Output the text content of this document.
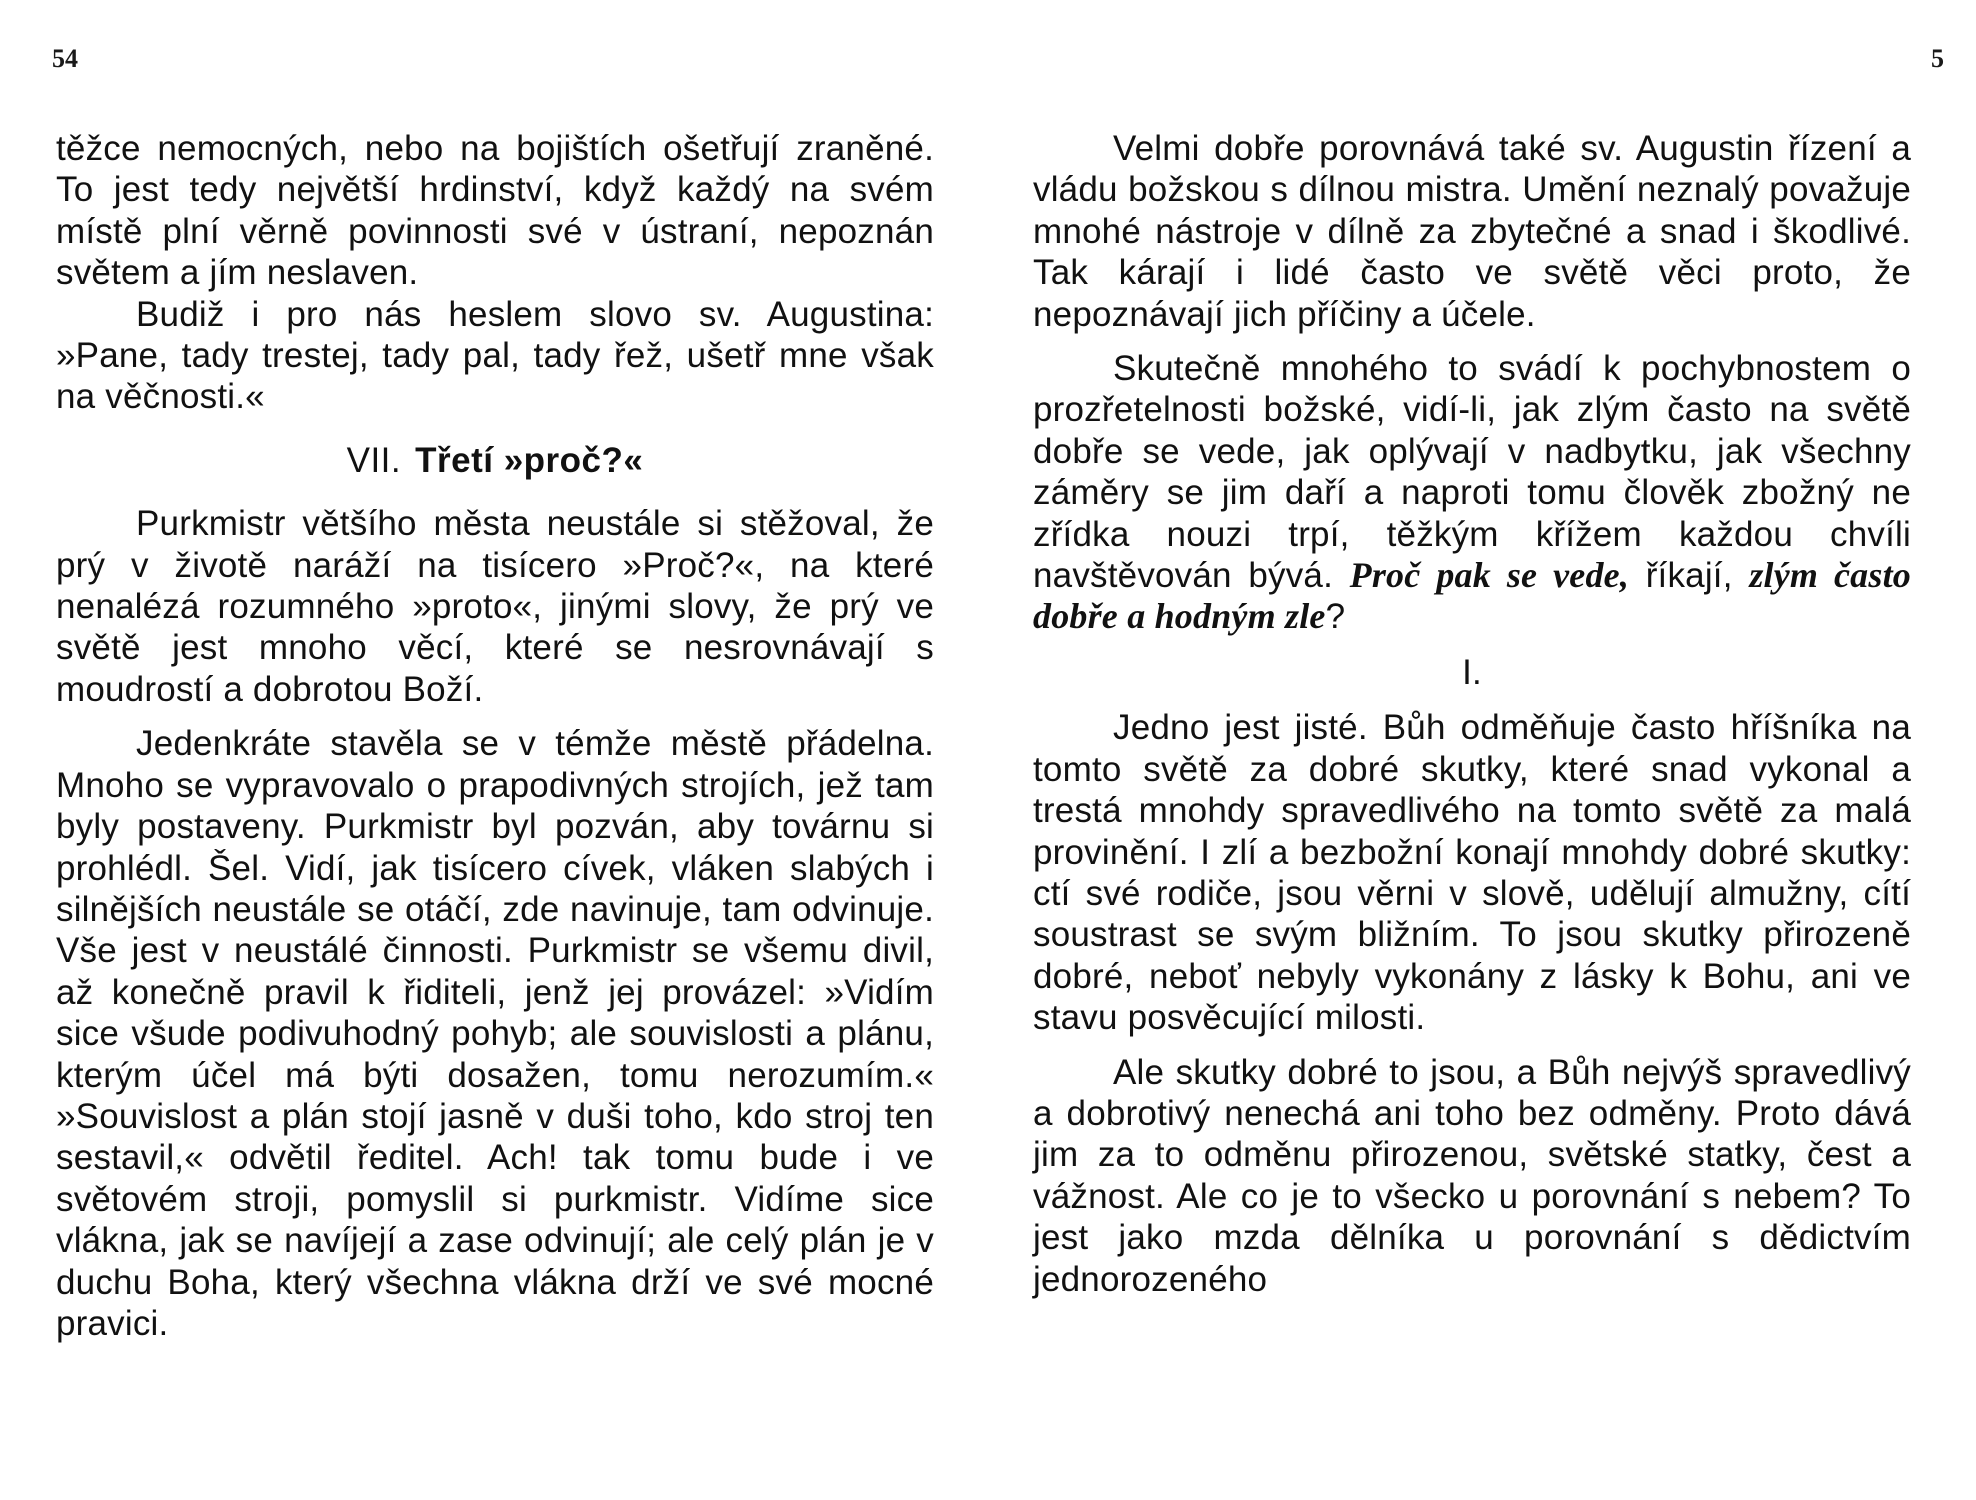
54

těžce nemocných, nebo na bojištích ošetřují zraněné. To jest tedy největší hrdinství, když každý na svém místě plní věrně povinnosti své v ústraní, nepoznán světem a jím neslaven.

Budiž i pro nás heslem slovo sv. Augustina: »Pane, tady trestej, tady pal, tady řež, ušetř mne však na věčnosti.«

VII. Třetí »proč?«

Purkmistr většího města neustále si stěžoval, že prý v životě naráží na tisícero »Proč?«, na které nenalézá rozumného »proto«, jinými slovy, že prý ve světě jest mnoho věcí, které se nesrovnávají s moudrostí a dobrotou Boží.

Jedenkráte stavěla se v témže městě přádelna. Mnoho se vypravovalo o prapodivných strojích, jež tam byly postaveny. Purkmistr byl pozván, aby továrnu si prohlédl. Šel. Vidí, jak tisícero cívek, vláken slabých i silnějších neustále se otáčí, zde navinuje, tam odvinuje. Vše jest v neustálé činnosti. Purkmistr se všemu divil, až konečně pravil k řiditeli, jenž jej provázel: »Vidím sice všude podivuhodný pohyb; ale souvislosti a plánu, kterým účel má býti dosažen, tomu nerozumím.« »Souvislost a plán stojí jasně v duši toho, kdo stroj ten sestavil,« odvětil ředitel. Ach! tak tomu bude i ve světovém stroji, pomyslil si purkmistr. Vidíme sice vlákna, jak se navíjejí a zase odvinují; ale celý plán je v duchu Boha, který všechna vlákna drží ve své mocné pravici.

5

Velmi dobře porovnává také sv. Augustin řízení a vládu božskou s dílnou mistra. Umění neznalý považuje mnohé nástroje v dílně za zbytečné a snad i škodlivé. Tak kárají i lidé často ve světě věci proto, že nepoznávají jich příčiny a účele.

Skutečně mnohého to svádí k pochybnostem o prozřetelnosti božské, vidí-li, jak zlým často na světě dobře se vede, jak oplývají v nadbytku, jak všechny záměry se jim daří a naproti tomu člověk zbožný ne zřídka nouzi trpí, těžkým křížem každou chvíli navštěvován bývá. Proč pak se vede, říkají, zlým často dobře a hodným zle?

I.

Jedno jest jisté. Bůh odměňuje často hříšníka na tomto světě za dobré skutky, které snad vykonal a trestá mnohdy spravedlivého na tomto světě za malá provinění. I zlí a bezbožní konají mnohdy dobré skutky: ctí své rodiče, jsou věrni v slově, udělují almužny, cítí soustrast se svým bližním. To jsou skutky přirozeně dobré, neboť nebyly vykonány z lásky k Bohu, ani ve stavu posvěcující milosti.

Ale skutky dobré to jsou, a Bůh nejvýš spravedlivý a dobrotivý nenechá ani toho bez odměny. Proto dává jim za to odměnu přirozenou, světské statky, čest a vážnost. Ale co je to všecko u porovnání s nebem? To jest jako mzda dělníka u porovnání s dědictvím jednorozeného
